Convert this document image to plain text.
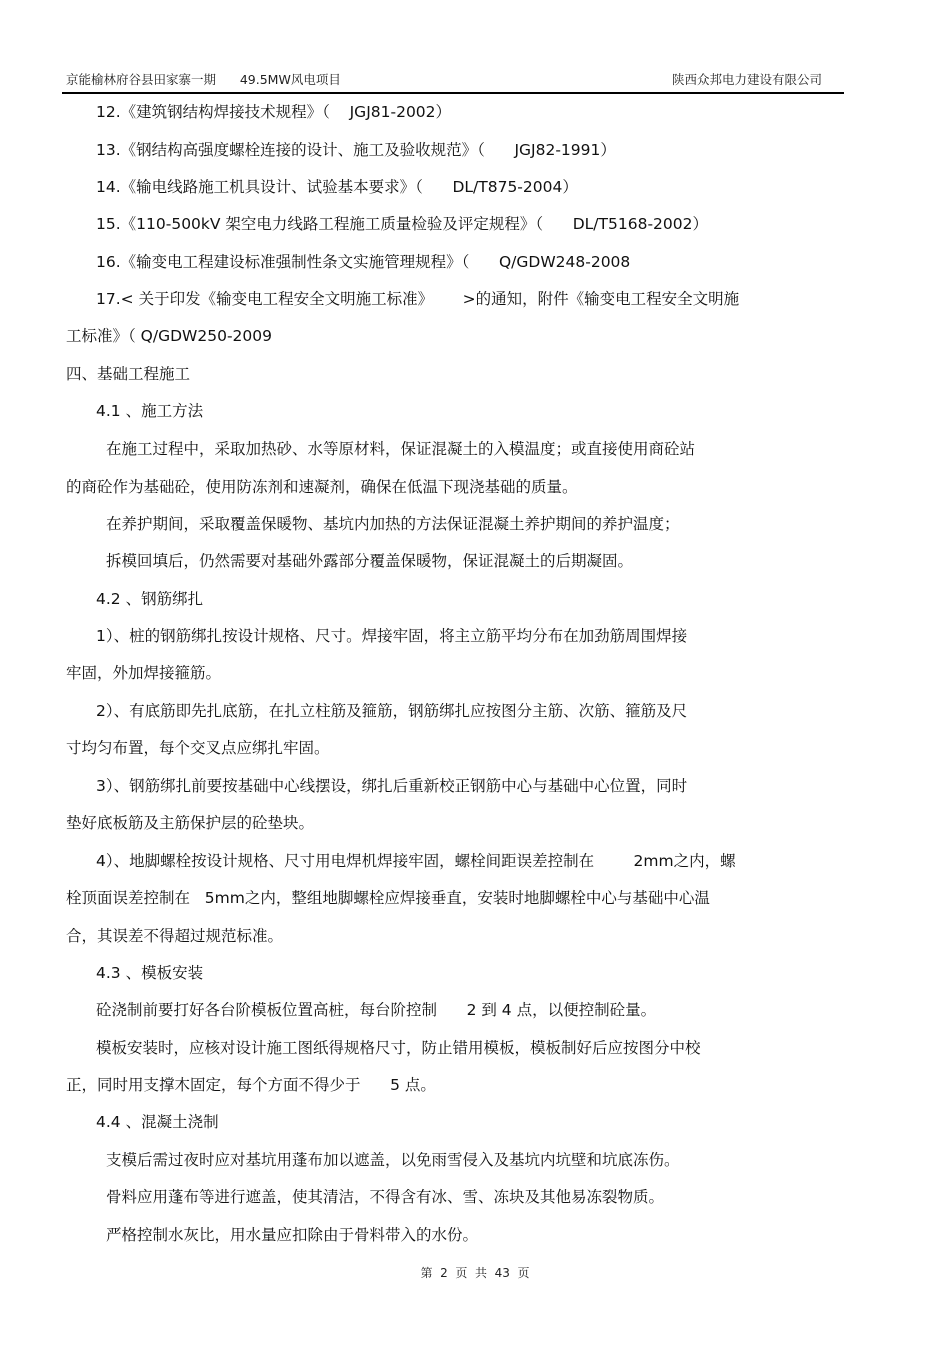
京能榆林府谷县田家寨一期      49.5MW风电项目	陕西众邦电力建设有限公司
12.《建筑钢结构焊接技术规程》（    JGJ81-2002）
13.《钢结构高强度螺栓连接的设计、施工及验收规范》（      JGJ82-1991）
14.《输电线路施工机具设计、试验基本要求》（      DL/T875-2004）
15.《110-500kV 架空电力线路工程施工质量检验及评定规程》（      DL/T5168-2002）
16.《输变电工程建设标准强制性条文实施管理规程》（      Q/GDW248-2008
17.< 关于印发《输变电工程安全文明施工标准》      >的通知，附件《输变电工程安全文明施
工标准》（ Q/GDW250-2009
四、基础工程施工
4.1 、施工方法
在施工过程中，采取加热砂、水等原材料，保证混凝土的入模温度；或直接使用商砼站
的商砼作为基础砼，使用防冻剂和速凝剂，确保在低温下现浇基础的质量。
在养护期间，采取覆盖保暖物、基坑内加热的方法保证混凝土养护期间的养护温度；
拆模回填后，仍然需要对基础外露部分覆盖保暖物，保证混凝土的后期凝固。
4.2 、钢筋绑扎
1）、桩的钢筋绑扎按设计规格、尺寸。焊接牢固，将主立筋平均分布在加劲筋周围焊接
牢固，外加焊接箍筋。
2）、有底筋即先扎底筋，在扎立柱筋及箍筋，钢筋绑扎应按图分主筋、次筋、箍筋及尺
寸均匀布置，每个交叉点应绑扎牢固。
3）、钢筋绑扎前要按基础中心线摆设，绑扎后重新校正钢筋中心与基础中心位置，同时
垫好底板筋及主筋保护层的砼垫块。
4）、地脚螺栓按设计规格、尺寸用电焊机焊接牢固，螺栓间距误差控制在        2mm之内，螺
栓顶面误差控制在   5mm之内，整组地脚螺栓应焊接垂直，安装时地脚螺栓中心与基础中心温
合，其误差不得超过规范标准。
4.3 、模板安装
砼浇制前要打好各台阶模板位置高桩，每台阶控制      2 到 4 点，以便控制砼量。
模板安装时，应核对设计施工图纸得规格尺寸，防止错用模板，模板制好后应按图分中校
正，同时用支撑木固定，每个方面不得少于      5 点。
4.4 、混凝土浇制
支模后需过夜时应对基坑用蓬布加以遮盖，以免雨雪侵入及基坑内坑壁和坑底冻伤。
骨料应用蓬布等进行遮盖，使其清洁，不得含有冰、雪、冻块及其他易冻裂物质。
严格控制水灰比，用水量应扣除由于骨料带入的水份。
第  2  页  共  43  页
